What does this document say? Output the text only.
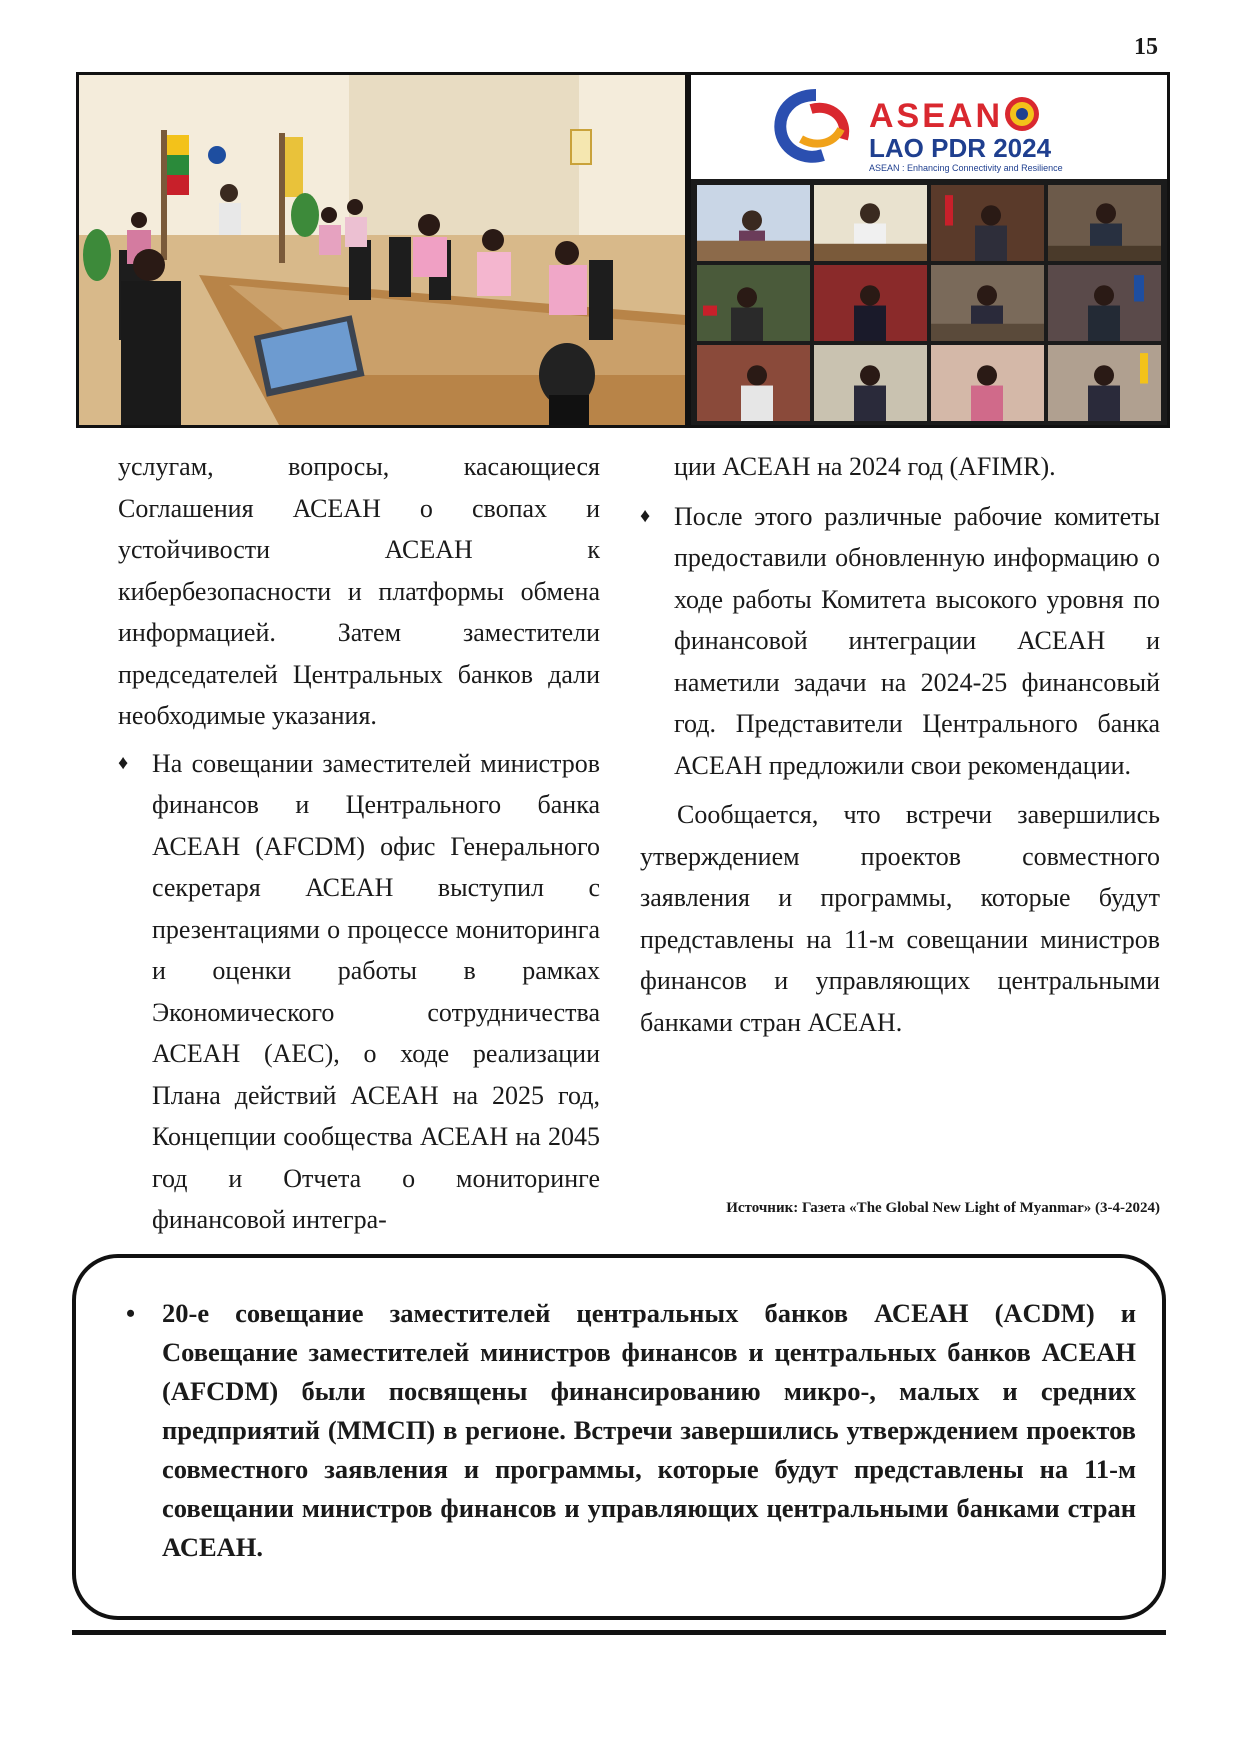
15
ASEAN
LAO PDR 2024
ASEAN : Enhancing Connectivity and Resilience

услугам, вопросы, касающиеся Соглашения АСЕАН о свопах и устойчивости АСЕАН к кибербезопасности и платформы обмена информацией. Затем заместители председателей Центральных банков дали необходимые указания.

♦ На совещании заместителей министров финансов и Центрального банка АСЕАН (AFCDM) офис Генерального секретаря АСЕАН выступил с презентациями о процессе мониторинга и оценки работы в рамках Экономического сотрудничества АСЕАН (AEC), о ходе реализации Плана действий АСЕАН на 2025 год, Концепции сообщества АСЕАН на 2045 год и Отчета о мониторинге финансовой интегра-

ции АСЕАН на 2024 год (AFIMR).

♦ После этого различные рабочие комитеты предоставили обновленную информацию о ходе работы Комитета высокого уровня по финансовой интеграции АСЕАН и наметили задачи на 2024-25 финансовый год. Представители Центрального банка АСЕАН предложили свои рекомендации.

Сообщается, что встречи завершились утверждением проектов совместного заявления и программы, которые будут представлены на 11-м совещании министров финансов и управляющих центральными банками стран АСЕАН.

Источник: Газета «The Global New Light of Myanmar» (3-4-2024)
• 20-е совещание заместителей центральных банков АСЕАН (ACDM) и Совещание заместителей министров финансов и центральных банков АСЕАН (AFCDM) были посвящены финансированию микро-, малых и средних предприятий (ММСП) в регионе. Встречи завершились утверждением проектов совместного заявления и программы, которые будут представлены на 11-м совещании министров финансов и управляющих центральными банками стран АСЕАН.
